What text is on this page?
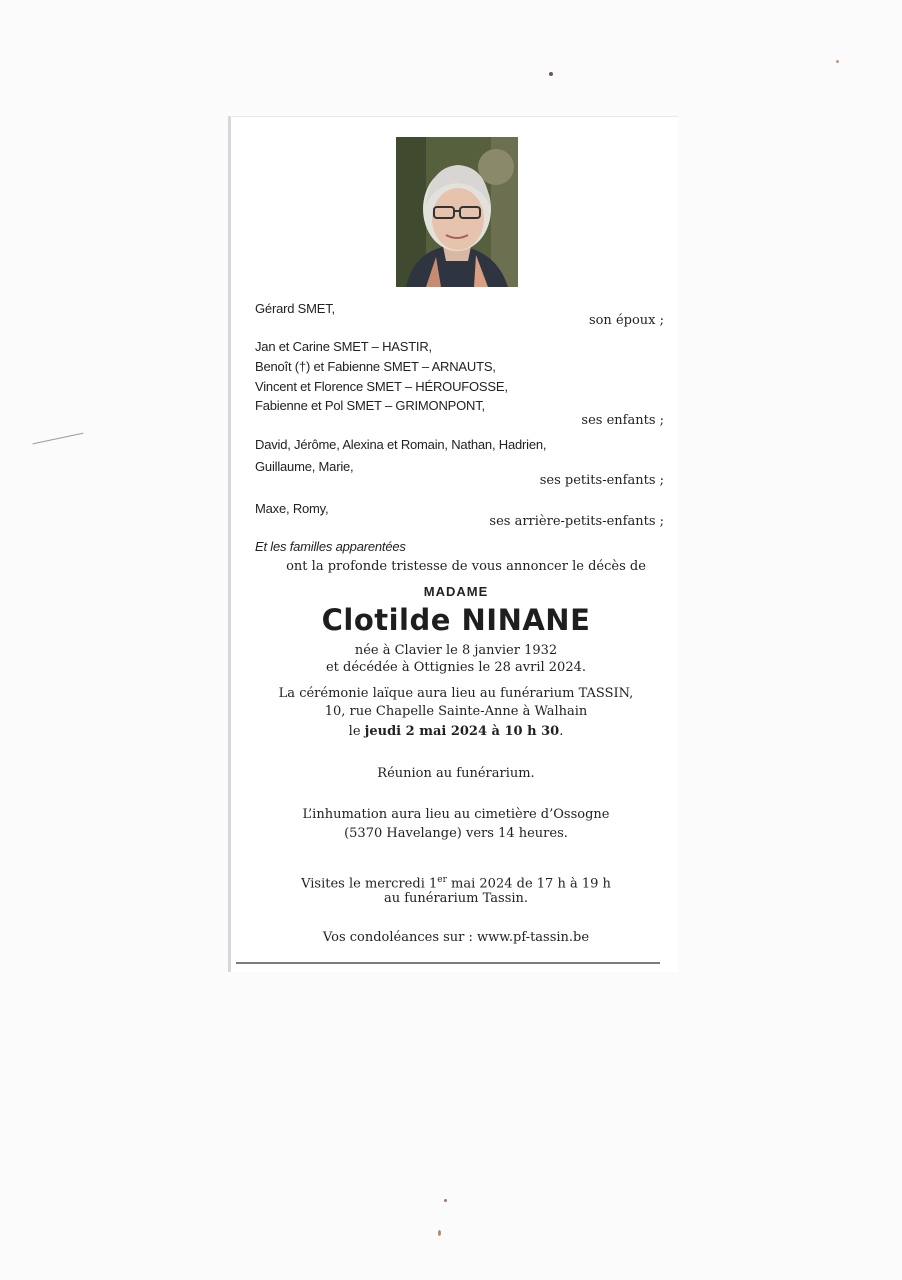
Gérard SMET,
son époux ;
Jan et Carine SMET – HASTIR,
Benoît (†) et Fabienne SMET – ARNAUTS,
Vincent et Florence SMET – HÉROUFOSSE,
Fabienne et Pol SMET – GRIMONPONT,
ses enfants ;
David, Jérôme, Alexina et Romain, Nathan, Hadrien,
Guillaume, Marie,
ses petits-enfants ;
Maxe, Romy,
ses arrière-petits-enfants ;
Et les familles apparentées
ont la profonde tristesse de vous annoncer le décès de
MADAME
Clotilde NINANE
née à Clavier le 8 janvier 1932
et décédée à Ottignies le 28 avril 2024.
La cérémonie laïque aura lieu au funérarium TASSIN,
10, rue Chapelle Sainte-Anne à Walhain
le jeudi 2 mai 2024 à 10 h 30.
Réunion au funérarium.
L’inhumation aura lieu au cimetière d’Ossogne
(5370 Havelange) vers 14 heures.
Visites le mercredi 1er mai 2024 de 17 h à 19 h
au funérarium Tassin.
Vos condoléances sur : www.pf-tassin.be
